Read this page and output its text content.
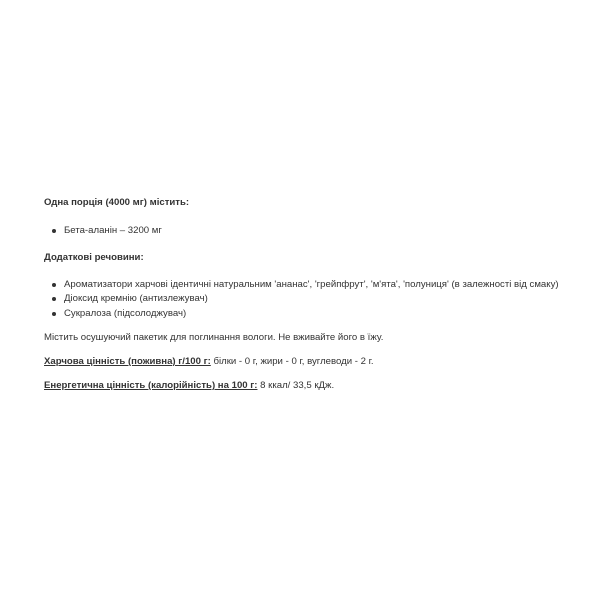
Одна порція (4000 мг) містить:

Бета-аланін – 3200 мг

Додаткові речовини:

Ароматизатори харчові ідентичні натуральним 'ананас', 'грейпфрут', 'м'ята', 'полуниця' (в залежності від смаку)
Діоксид кремнію (антизлежувач)
Сукралоза (підсолоджувач)

Містить осушуючий пакетик для поглинання вологи. Не вживайте його в їжу.

Харчова цінність (поживна) г/100 г: білки - 0 г, жири - 0 г, вуглеводи - 2 г.

Енергетична цінність (калорійність) на 100 г: 8 ккал/ 33,5 кДж.
